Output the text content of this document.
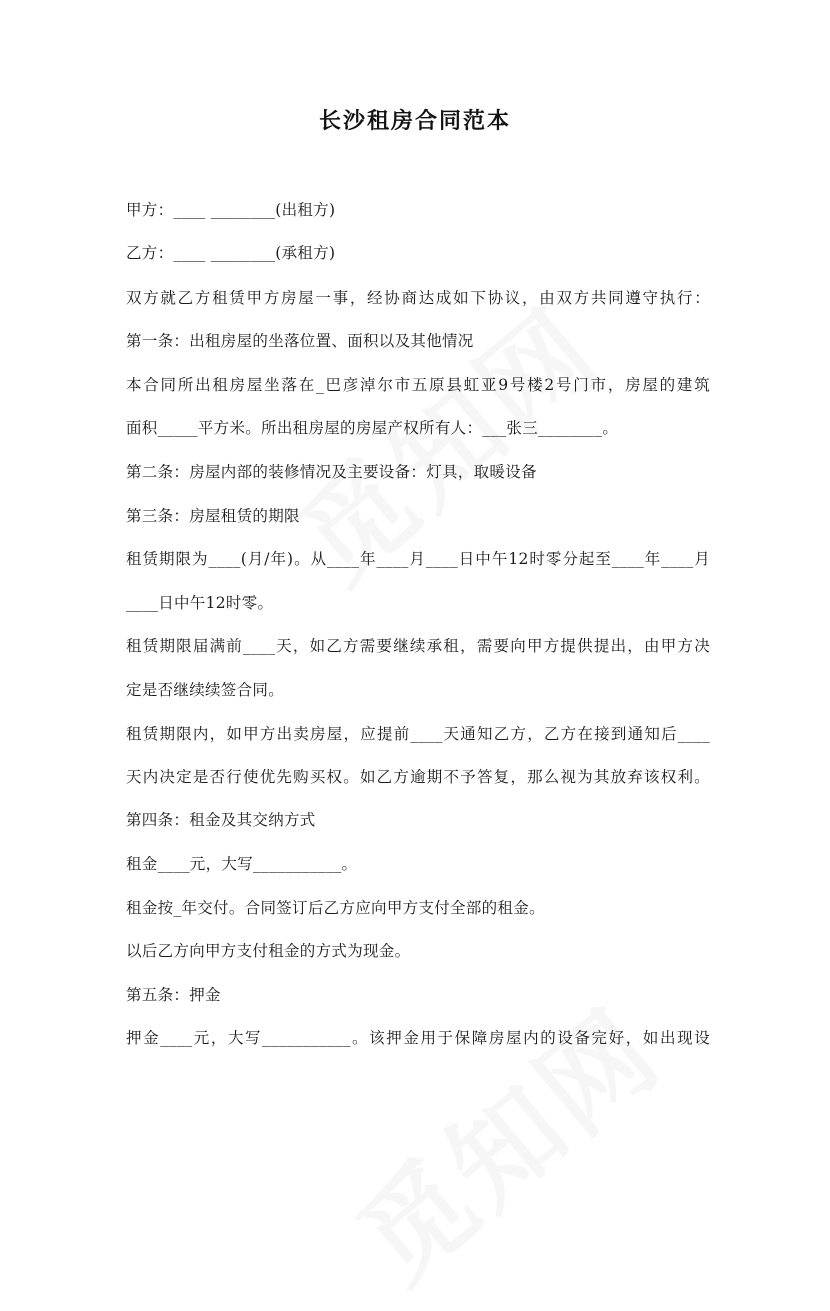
长沙租房合同范本

甲方：____ ________(出租方)

乙方：____ ________(承租方)

双方就乙方租赁甲方房屋一事，经协商达成如下协议，由双方共同遵守执行：

第一条：出租房屋的坐落位置、面积以及其他情况

本合同所出租房屋坐落在_巴彦淖尔市五原县虹亚9号楼2号门市，房屋的建筑

面积_____平方米。所出租房屋的房屋产权所有人：___张三________。

第二条：房屋内部的装修情况及主要设备：灯具，取暖设备

第三条：房屋租赁的期限

租赁期限为____(月/年)。从____年____月____日中午12时零分起至____年____月

____日中午12时零。

租赁期限届满前____天，如乙方需要继续承租，需要向甲方提供提出，由甲方决

定是否继续续签合同。

租赁期限内，如甲方出卖房屋，应提前____天通知乙方，乙方在接到通知后____

天内决定是否行使优先购买权。如乙方逾期不予答复，那么视为其放弃该权利。

第四条：租金及其交纳方式

租金____元，大写___________。

租金按_年交付。合同签订后乙方应向甲方支付全部的租金。

以后乙方向甲方支付租金的方式为现金。

第五条：押金

押金____元，大写___________。该押金用于保障房屋内的设备完好，如出现设
